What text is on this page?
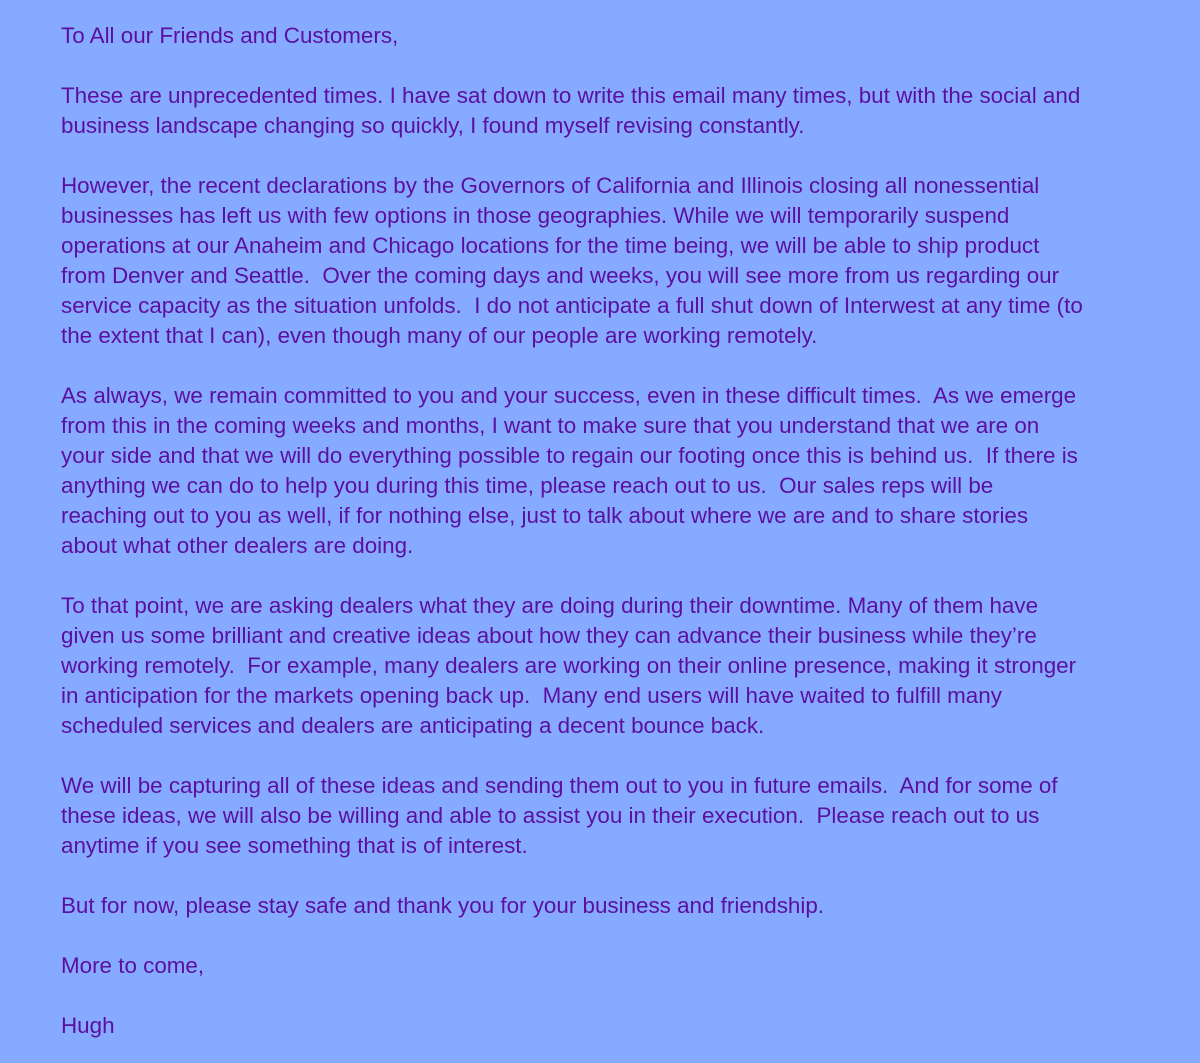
To All our Friends and Customers,
These are unprecedented times. I have sat down to write this email many times, but with the social and
business landscape changing so quickly, I found myself revising constantly.
However, the recent declarations by the Governors of California and Illinois closing all nonessential
businesses has left us with few options in those geographies. While we will temporarily suspend
operations at our Anaheim and Chicago locations for the time being, we will be able to ship product
from Denver and Seattle.  Over the coming days and weeks, you will see more from us regarding our
service capacity as the situation unfolds.  I do not anticipate a full shut down of Interwest at any time (to
the extent that I can), even though many of our people are working remotely.
As always, we remain committed to you and your success, even in these difficult times.  As we emerge
from this in the coming weeks and months, I want to make sure that you understand that we are on
your side and that we will do everything possible to regain our footing once this is behind us.  If there is
anything we can do to help you during this time, please reach out to us.  Our sales reps will be
reaching out to you as well, if for nothing else, just to talk about where we are and to share stories
about what other dealers are doing.
To that point, we are asking dealers what they are doing during their downtime. Many of them have
given us some brilliant and creative ideas about how they can advance their business while they’re
working remotely.  For example, many dealers are working on their online presence, making it stronger
in anticipation for the markets opening back up.  Many end users will have waited to fulfill many
scheduled services and dealers are anticipating a decent bounce back.
We will be capturing all of these ideas and sending them out to you in future emails.  And for some of
these ideas, we will also be willing and able to assist you in their execution.  Please reach out to us
anytime if you see something that is of interest.
But for now, please stay safe and thank you for your business and friendship.
More to come,
Hugh
